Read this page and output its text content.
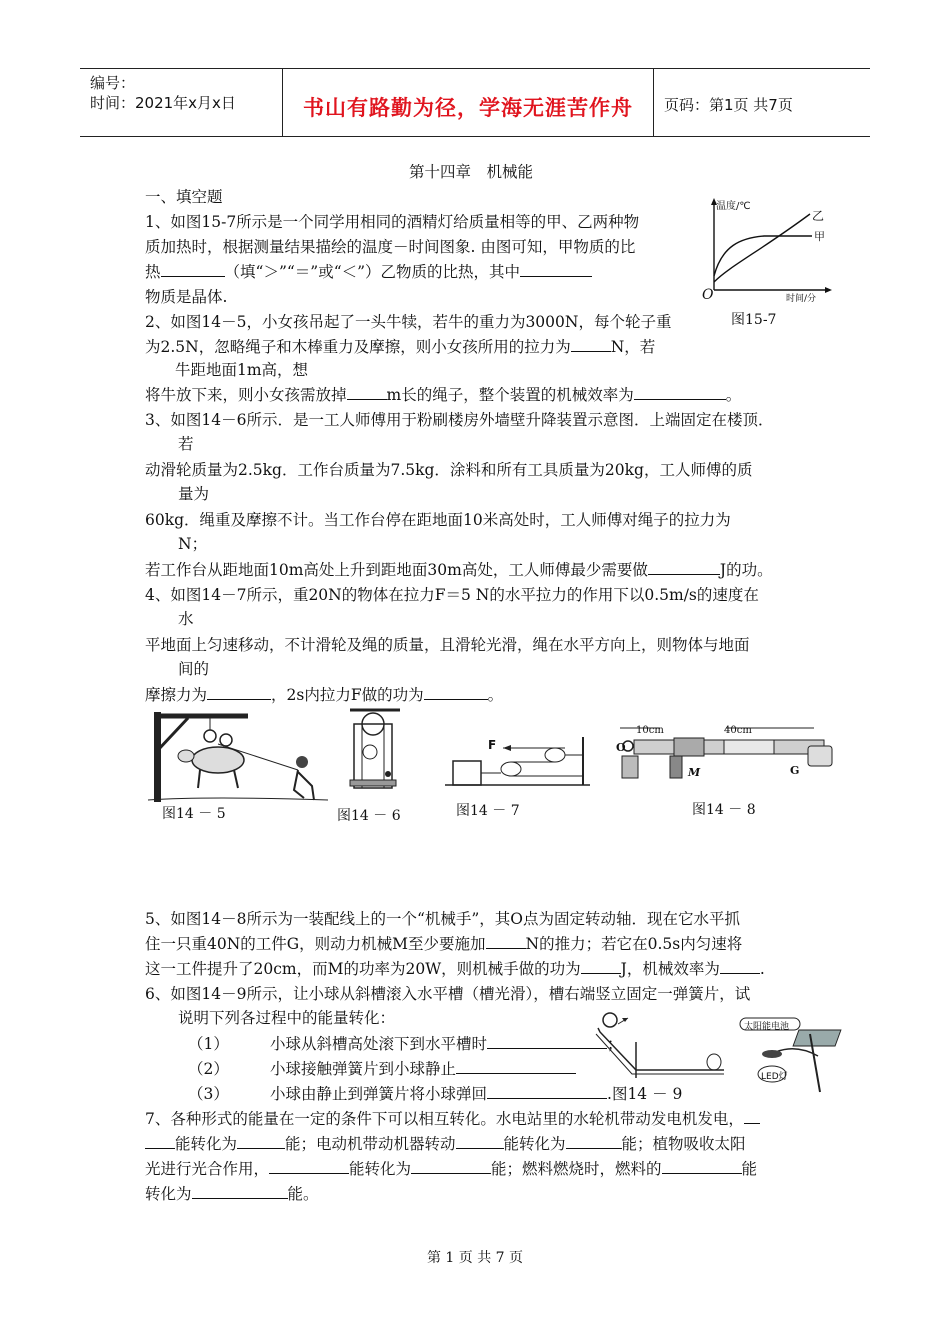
编号：
时间：2021年x月x日	书山有路勤为径，学海无涯苦作舟	页码：第1页 共7页
第十四章　机械能
一、填空题
1、如图15-7所示是一个同学用相同的酒精灯给质量相等的甲、乙两种物
质加热时，根据测量结果描绘的温度－时间图象. 由图可知，甲物质的比
热	（填“＞”“＝”或“＜”）乙物质的比热，其中
物质是晶体.
温度/℃
乙
甲
O	时间/分
图15-7
2、如图14－5，小女孩吊起了一头牛犊，若牛的重力为3000N，每个轮子重
为2.5N，忽略绳子和木棒重力及摩擦，则小女孩所用的拉力为	N，若
牛距地面1m高，想
将牛放下来，则小女孩需放掉	m长的绳子，整个装置的机械效率为	。
3、如图14－6所示．是一工人师傅用于粉刷楼房外墙壁升降装置示意图．上端固定在楼顶．
若
动滑轮质量为2.5kg．工作台质量为7.5kg．涂料和所有工具质量为20kg，工人师傅的质
量为
60kg．绳重及摩擦不计。当工作台停在距地面10米高处时，工人师傅对绳子的拉力为
N；
若工作台从距地面10m高处上升到距地面30m高处，工人师傅最少需要做	J的功。
4、如图14－7所示，重20N的物体在拉力F＝5 N的水平拉力的作用下以0.5m/s的速度在
水
平地面上匀速移动，不计滑轮及绳的质量，且滑轮光滑，绳在水平方向上，则物体与地面
间的
摩擦力为	，2s内拉力F做的功为	。
F
10cm	40cm
O
M	G
图14 － 5	图14 － 6	图14 － 7	图14 － 8
5、如图14－8所示为一装配线上的一个“机械手”，其O点为固定转动轴．现在它水平抓
住一只重40N的工件G，则动力机械M至少要施加	N的推力；若它在0.5s内匀速将
这一工件提升了20cm，而M的功率为20W，则机械手做的功为	J，机械效率为	.
6、如图14－9所示，让小球从斜槽滚入水平槽（槽光滑），槽右端竖立固定一弹簧片，试
说明下列各过程中的能量转化：
（1）	小球从斜槽高处滚下到水平槽时	；
（2）	小球接触弹簧片到小球静止
（3）	小球由静止到弹簧片将小球弹回	.图14 － 9
太阳能电池
LED灯
7、各种形式的能量在一定的条件下可以相互转化。水电站里的水轮机带动发电机发电，
能转化为	能；电动机带动机器转动	能转化为	能；植物吸收太阳
光进行光合作用，	能转化为	能；燃料燃烧时，燃料的	能
转化为	能。
第 1 页 共 7 页
